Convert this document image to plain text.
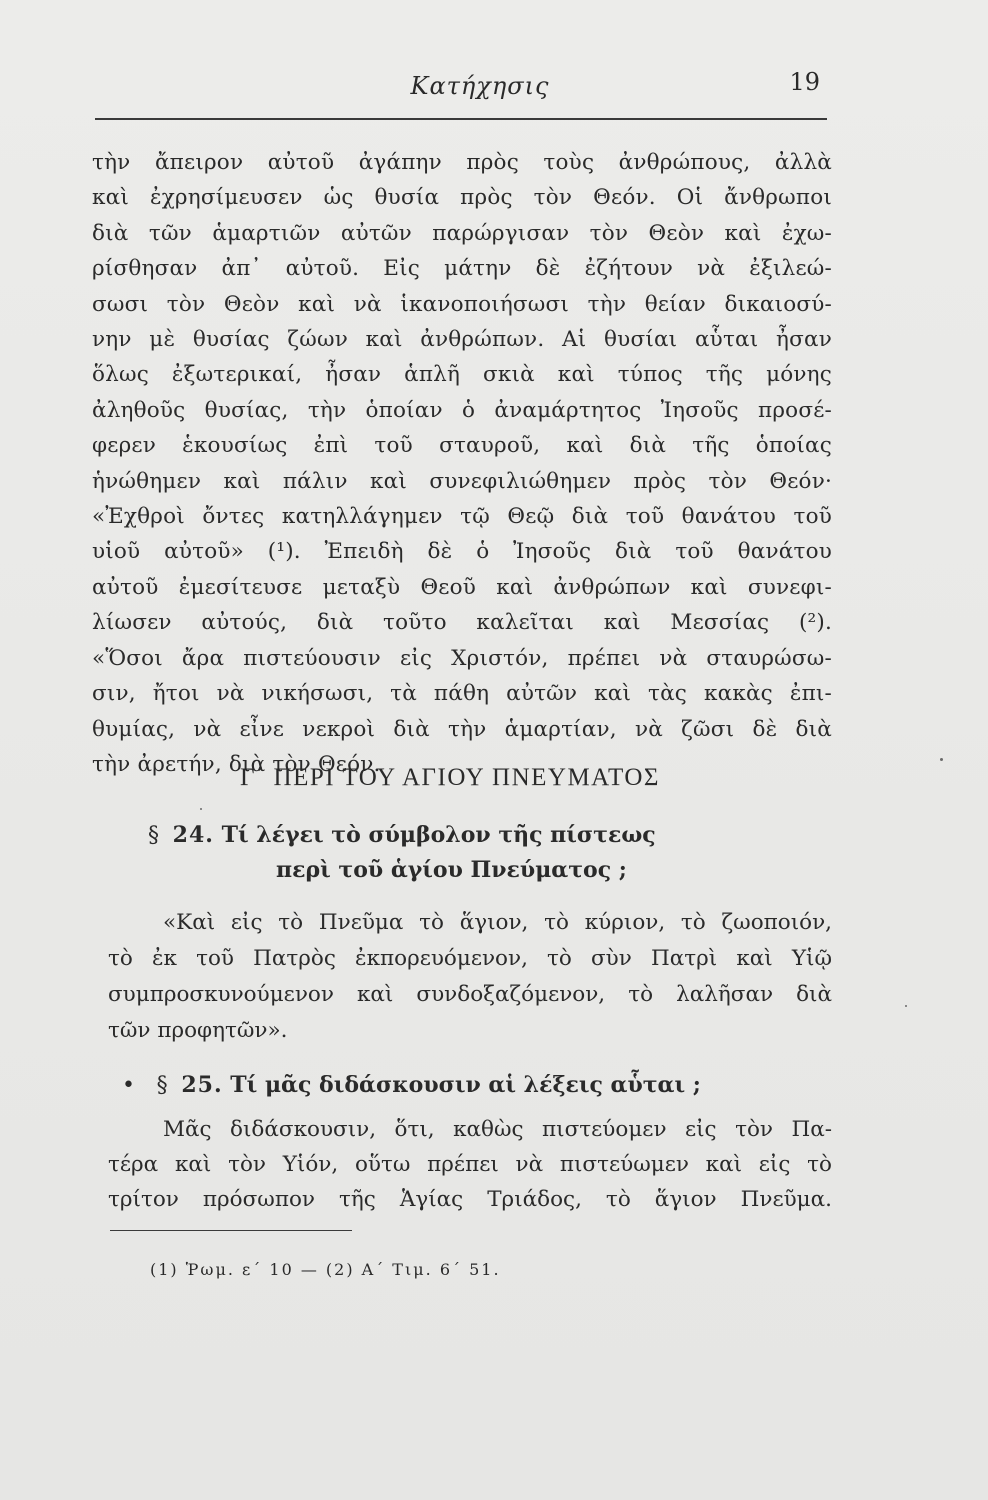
Κατήχησις	19
τὴν ἄπειρον αὐτοῦ ἀγάπην πρὸς τοὺς ἀνθρώπους, ἀλλὰ
καὶ ἐχρησίμευσεν ὡς θυσία πρὸς τὸν Θεόν. Οἱ ἄνθρωποι
διὰ τῶν ἁμαρτιῶν αὐτῶν παρώργισαν τὸν Θεὸν καὶ ἐχω-
ρίσθησαν ἀπ᾽ αὐτοῦ. Εἰς μάτην δὲ ἐζήτουν νὰ ἐξιλεώ-
σωσι τὸν Θεὸν καὶ νὰ ἱκανοποιήσωσι τὴν θείαν δικαιοσύ-
νην μὲ θυσίας ζώων καὶ ἀνθρώπων. Αἱ θυσίαι αὗται ἦσαν
ὅλως ἐξωτερικαί, ἦσαν ἁπλῆ σκιὰ καὶ τύπος τῆς μόνης
ἀληθοῦς θυσίας, τὴν ὁποίαν ὁ ἀναμάρτητος Ἰησοῦς προσέ-
φερεν ἑκουσίως ἐπὶ τοῦ σταυροῦ, καὶ διὰ τῆς ὁποίας
ἡνώθημεν καὶ πάλιν καὶ συνεφιλιώθημεν πρὸς τὸν Θεόν·
«Ἐχθροὶ ὄντες κατηλλάγημεν τῷ Θεῷ διὰ τοῦ θανάτου τοῦ
υἱοῦ αὐτοῦ» (¹). Ἐπειδὴ δὲ ὁ Ἰησοῦς διὰ τοῦ θανάτου
αὐτοῦ ἐμεσίτευσε μεταξὺ Θεοῦ καὶ ἀνθρώπων καὶ συνεφι-
λίωσεν αὐτούς, διὰ τοῦτο καλεῖται καὶ Μεσσίας (²).
«Ὅσοι ἄρα πιστεύουσιν εἰς Χριστόν, πρέπει νὰ σταυρώσω-
σιν, ἤτοι νὰ νικήσωσι, τὰ πάθη αὐτῶν καὶ τὰς κακὰς ἐπι-
θυμίας, νὰ εἶνε νεκροὶ διὰ τὴν ἁμαρτίαν, νὰ ζῶσι δὲ διὰ
τὴν ἀρετήν, διὰ τὸν Θεόν.
Γ΄ ΠΕΡΙ ΤΟΥ ΑΓΙΟΥ ΠΝΕΥΜΑΤΟΣ
§ 24. Τί λέγει τὸ σύμβολον τῆς πίστεως
περὶ τοῦ ἁγίου Πνεύματος ;
«Καὶ εἰς τὸ Πνεῦμα τὸ ἅγιον, τὸ κύριον, τὸ ζωοποιόν,
τὸ ἐκ τοῦ Πατρὸς ἐκπορευόμενον, τὸ σὺν Πατρὶ καὶ Υἱῷ
συμπροσκυνούμενον καὶ συνδοξαζόμενον, τὸ λαλῆσαν διὰ
τῶν προφητῶν».
• § 25. Τί μᾶς διδάσκουσιν αἱ λέξεις αὗται ;
Μᾶς διδάσκουσιν, ὅτι, καθὼς πιστεύομεν εἰς τὸν Πα-
τέρα καὶ τὸν Υἱόν, οὕτω πρέπει νὰ πιστεύωμεν καὶ εἰς τὸ
τρίτον πρόσωπον τῆς Ἁγίας Τριάδος, τὸ ἅγιον Πνεῦμα.
(1) Ῥωμ. ε΄ 10 — (2) Α΄ Τιμ. 6΄ 51.
